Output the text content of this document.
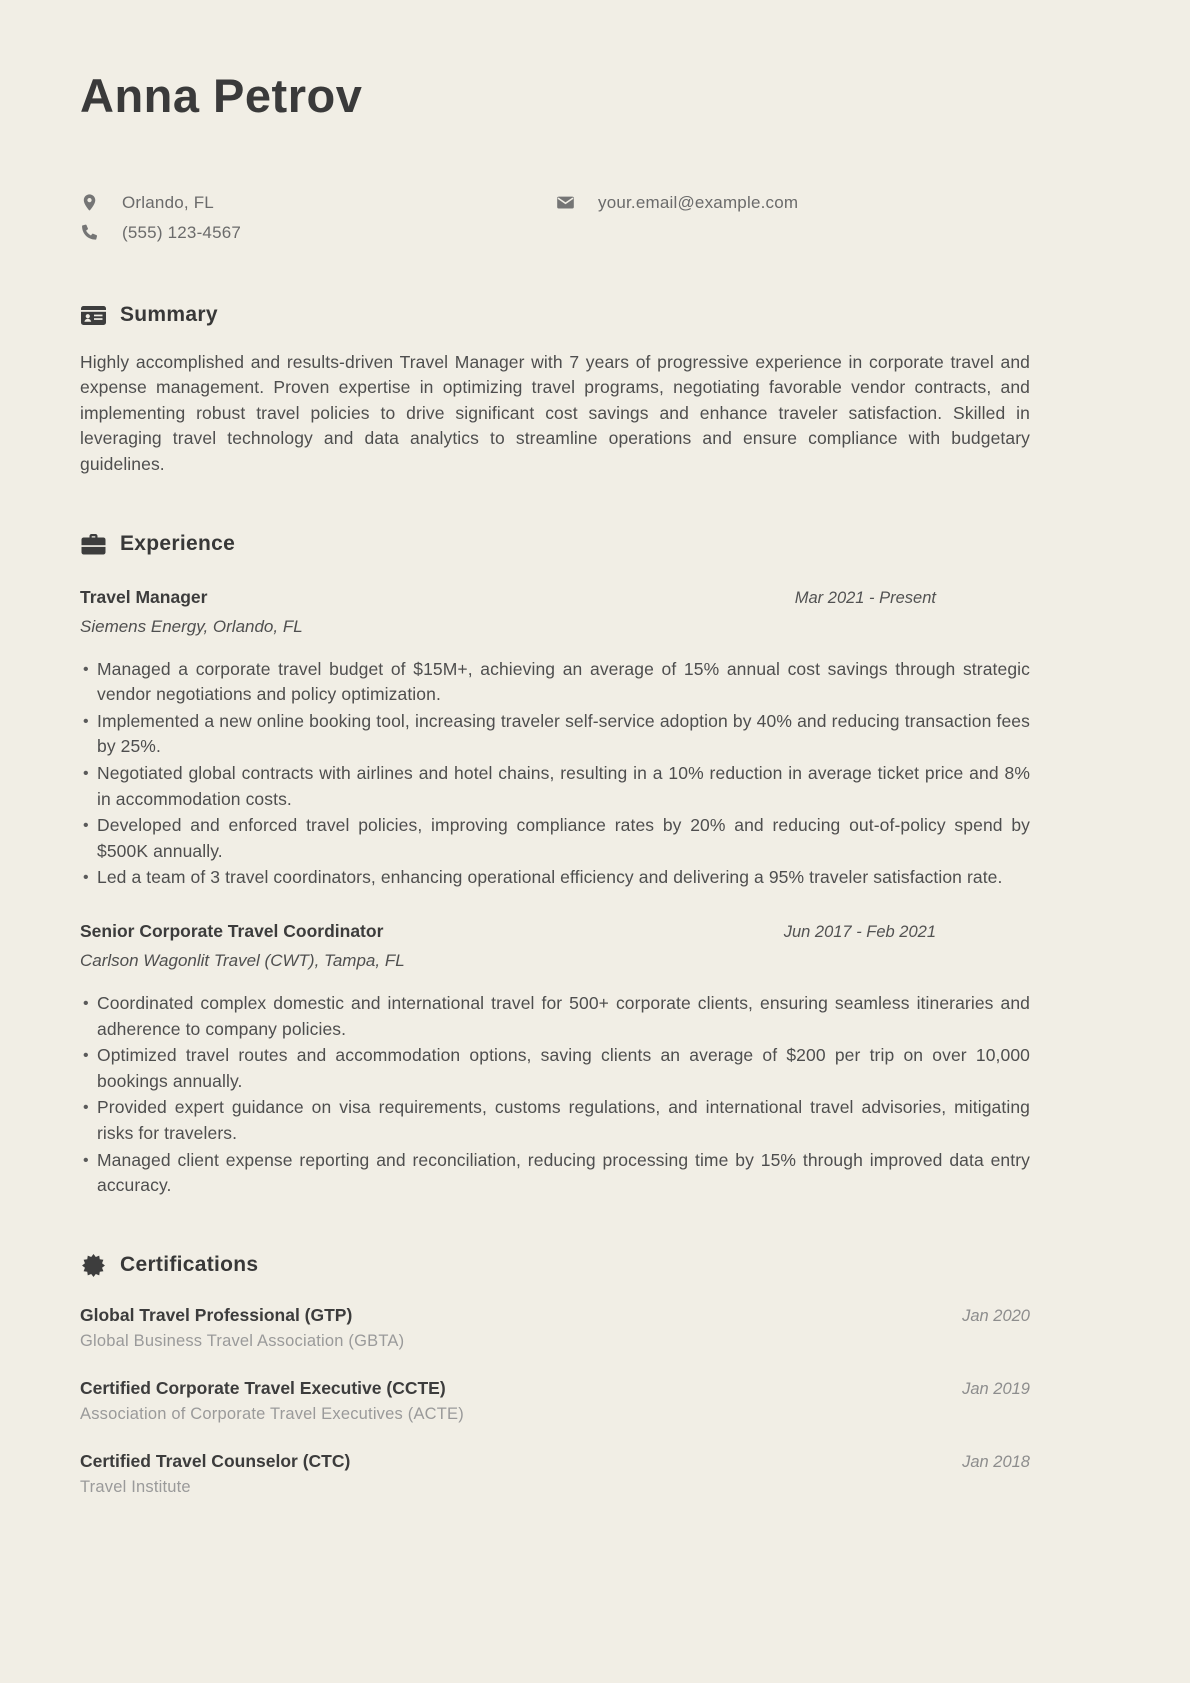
Anna Petrov
Orlando, FL
(555) 123-4567
your.email@example.com
Summary

Highly accomplished and results-driven Travel Manager with 7 years of progressive experience in corporate travel and expense management. Proven expertise in optimizing travel programs, negotiating favorable vendor contracts, and implementing robust travel policies to drive significant cost savings and enhance traveler satisfaction. Skilled in leveraging travel technology and data analytics to streamline operations and ensure compliance with budgetary guidelines.

Experience
Travel Manager	Mar 2021 - Present
Siemens Energy, Orlando, FL
• Managed a corporate travel budget of $15M+, achieving an average of 15% annual cost savings through strategic vendor negotiations and policy optimization.
• Implemented a new online booking tool, increasing traveler self-service adoption by 40% and reducing transaction fees by 25%.
• Negotiated global contracts with airlines and hotel chains, resulting in a 10% reduction in average ticket price and 8% in accommodation costs.
• Developed and enforced travel policies, improving compliance rates by 20% and reducing out-of-policy spend by $500K annually.
• Led a team of 3 travel coordinators, enhancing operational efficiency and delivering a 95% traveler satisfaction rate.
Senior Corporate Travel Coordinator	Jun 2017 - Feb 2021
Carlson Wagonlit Travel (CWT), Tampa, FL
• Coordinated complex domestic and international travel for 500+ corporate clients, ensuring seamless itineraries and adherence to company policies.
• Optimized travel routes and accommodation options, saving clients an average of $200 per trip on over 10,000 bookings annually.
• Provided expert guidance on visa requirements, customs regulations, and international travel advisories, mitigating risks for travelers.
• Managed client expense reporting and reconciliation, reducing processing time by 15% through improved data entry accuracy.
Certifications
Global Travel Professional (GTP)	Jan 2020
Global Business Travel Association (GBTA)
Certified Corporate Travel Executive (CCTE)	Jan 2019
Association of Corporate Travel Executives (ACTE)
Certified Travel Counselor (CTC)	Jan 2018
Travel Institute
